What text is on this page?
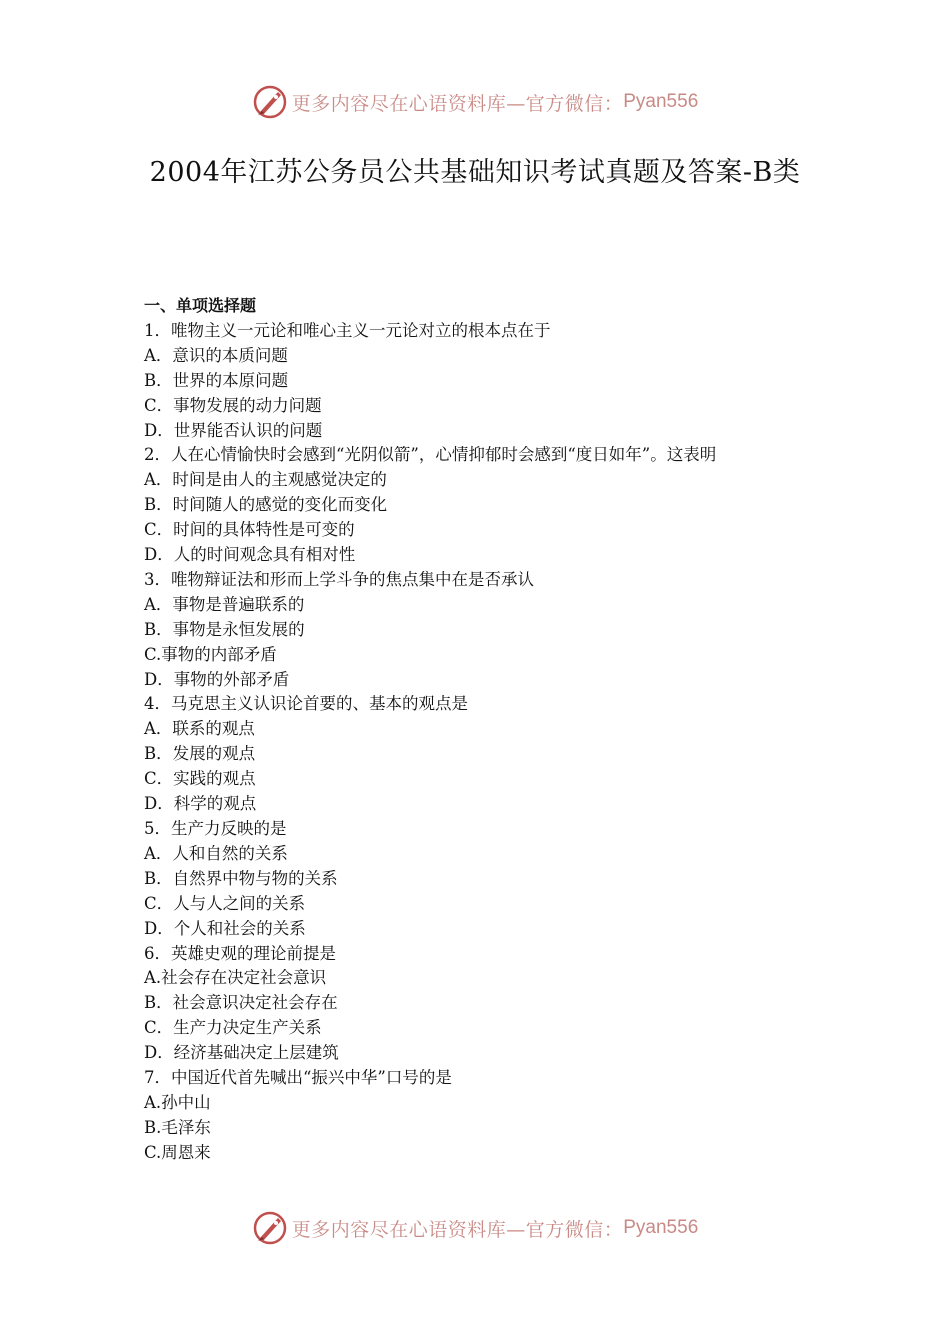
更多内容尽在心语资料库—官方微信： Pyan556
2004年江苏公务员公共基础知识考试真题及答案-B类
一、单项选择题
1．唯物主义一元论和唯心主义一元论对立的根本点在于
A．意识的本质问题
B．世界的本原问题
C．事物发展的动力问题
D．世界能否认识的问题
2．人在心情愉快时会感到“光阴似箭”，心情抑郁时会感到“度日如年”。这表明
A．时间是由人的主观感觉决定的
B．时间随人的感觉的变化而变化
C．时间的具体特性是可变的
D．人的时间观念具有相对性
3．唯物辩证法和形而上学斗争的焦点集中在是否承认
A．事物是普遍联系的
B．事物是永恒发展的
C.事物的内部矛盾
D．事物的外部矛盾
4．马克思主义认识论首要的、基本的观点是
A．联系的观点
B．发展的观点
C．实践的观点
D．科学的观点
5．生产力反映的是
A．人和自然的关系
B．自然界中物与物的关系
C．人与人之间的关系
D．个人和社会的关系
6．英雄史观的理论前提是
A.社会存在决定社会意识
B．社会意识决定社会存在
C．生产力决定生产关系
D．经济基础决定上层建筑
7．中国近代首先喊出“振兴中华”口号的是
A.孙中山
B.毛泽东
C.周恩来
更多内容尽在心语资料库—官方微信： Pyan556
